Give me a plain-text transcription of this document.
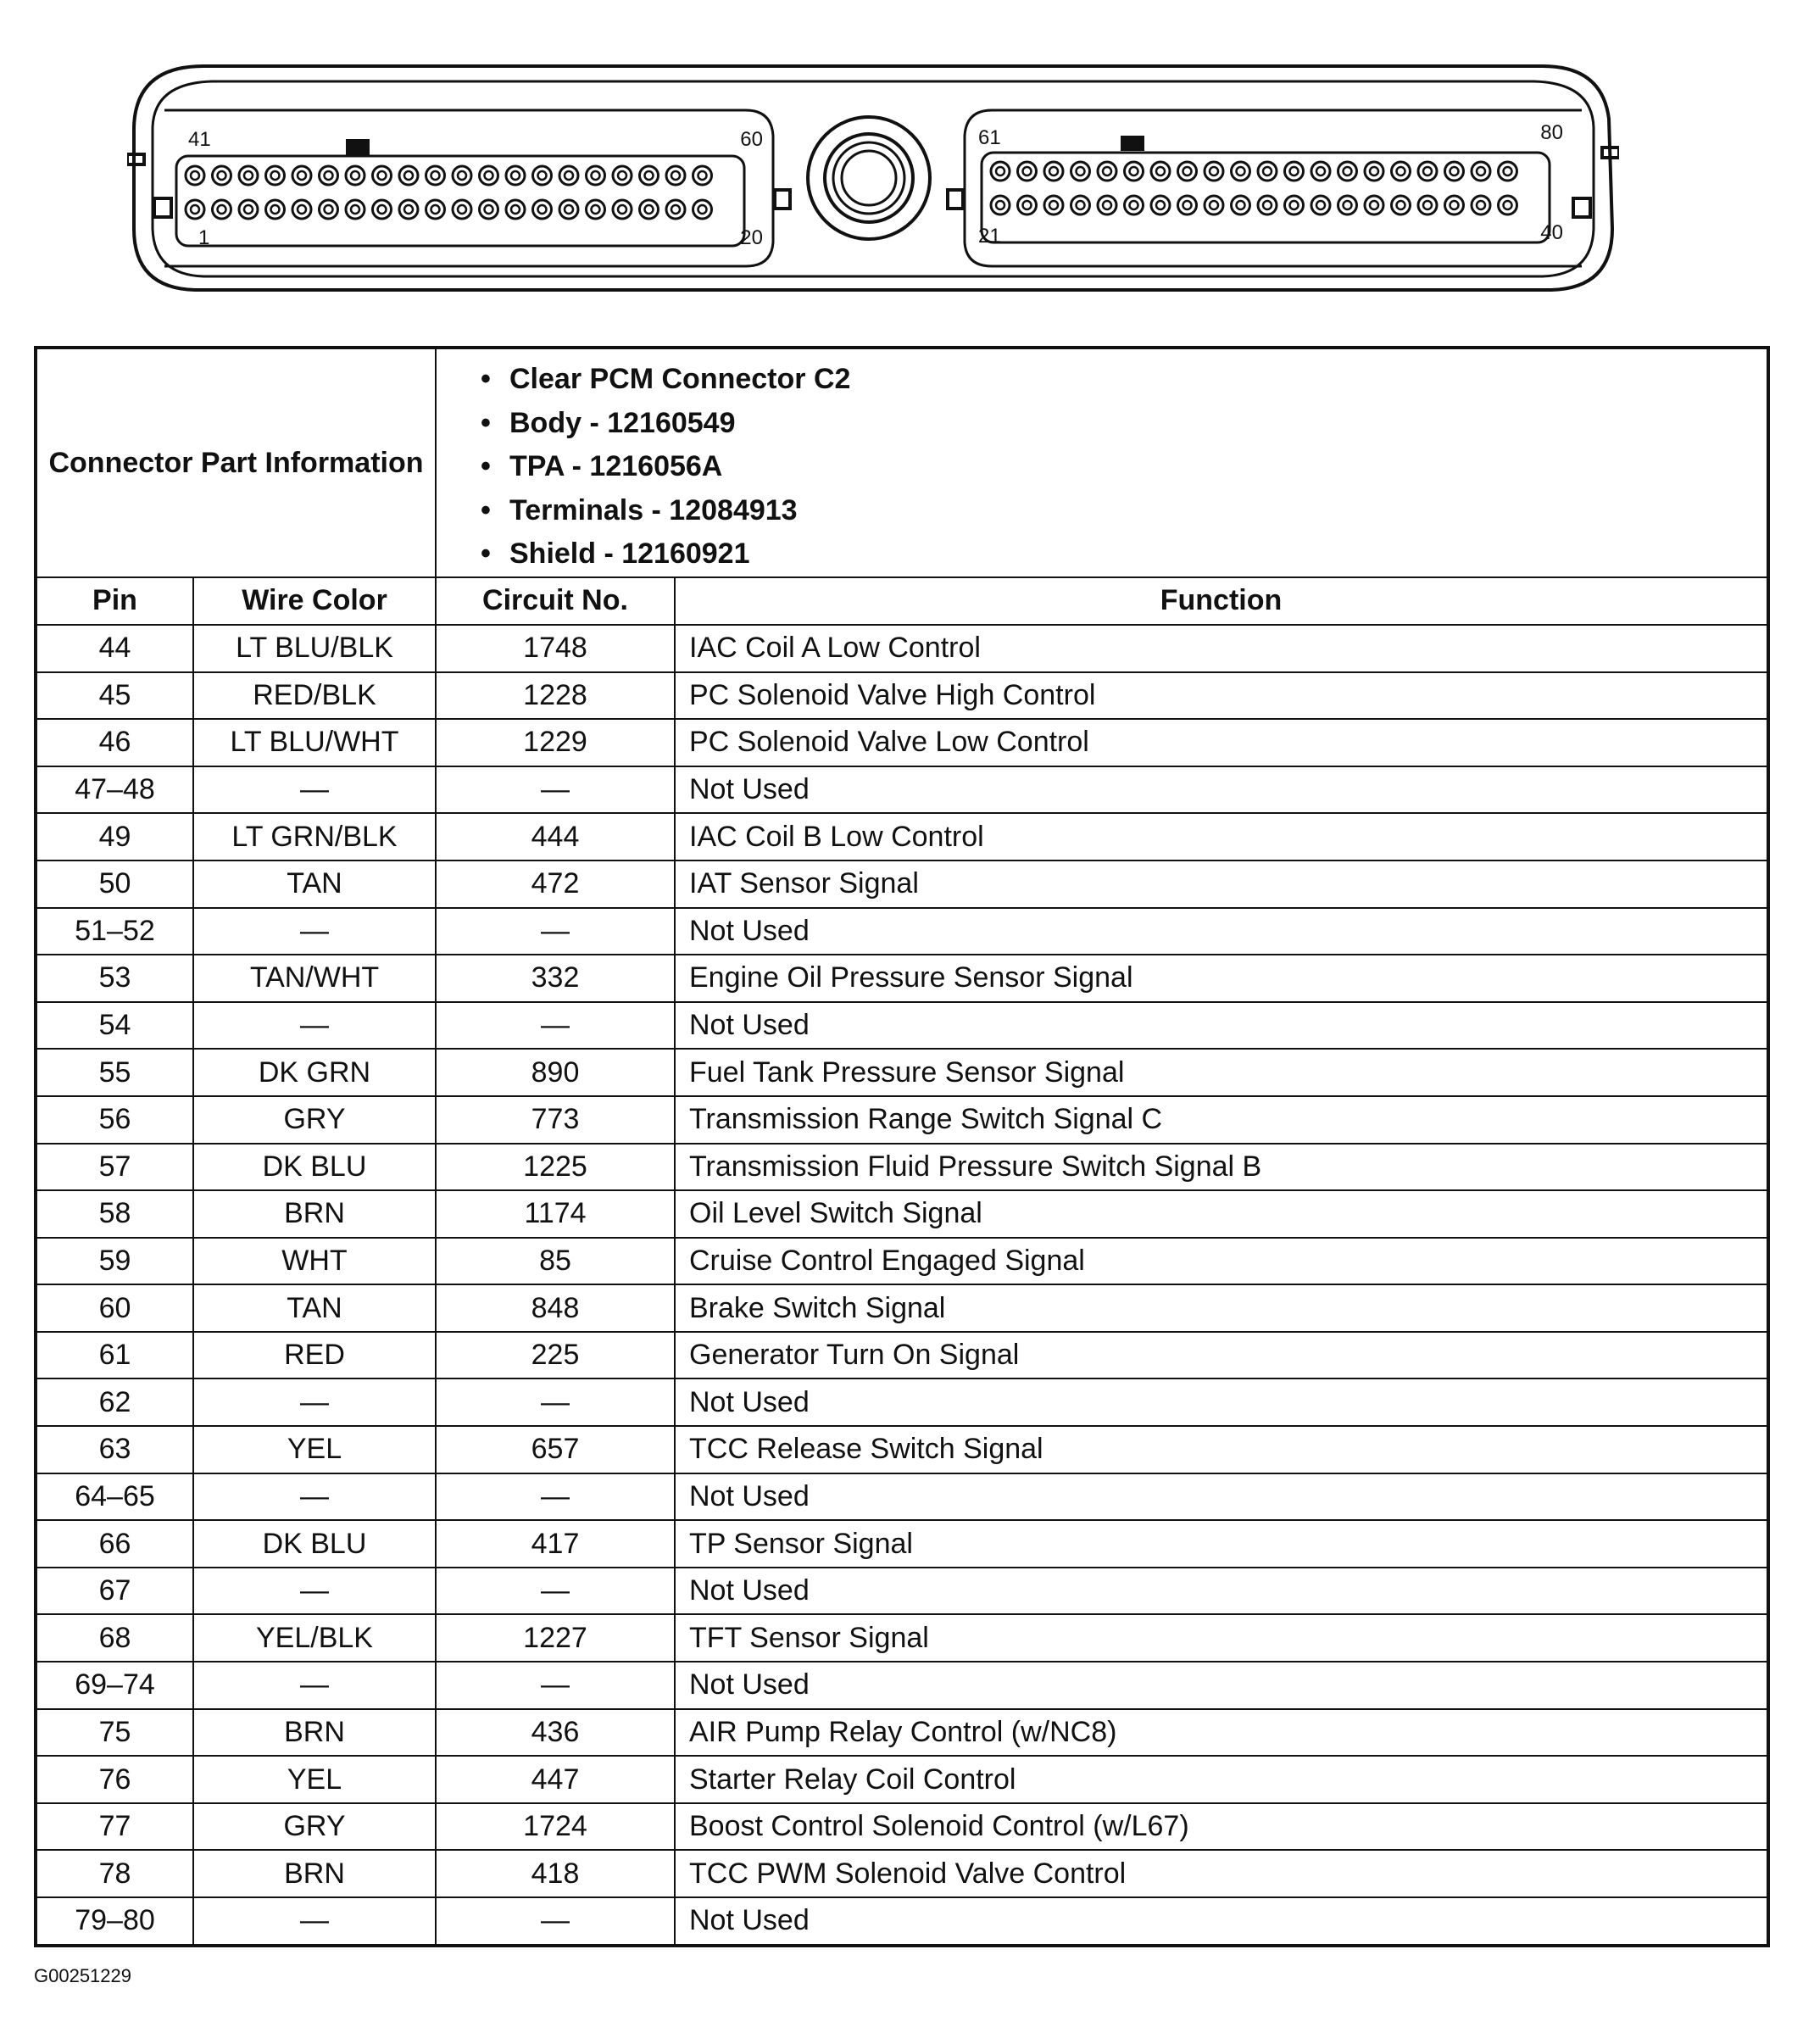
41	60
1	20
61	80
21	40
Connector Part Information		• Clear PCM Connector C2
• Body - 12160549
• TPA - 1216056A
• Terminals - 12084913
• Shield - 12160921	

Pin	Wire Color	Circuit No.	Function
44	LT BLU/BLK	1748	IAC Coil A Low Control
45	RED/BLK	1228	PC Solenoid Valve High Control
46	LT BLU/WHT	1229	PC Solenoid Valve Low Control
47–48	—	—	Not Used
49	LT GRN/BLK	444	IAC Coil B Low Control
50	TAN	472	IAT Sensor Signal
51–52	—	—	Not Used
53	TAN/WHT	332	Engine Oil Pressure Sensor Signal
54	—	—	Not Used
55	DK GRN	890	Fuel Tank Pressure Sensor Signal
56	GRY	773	Transmission Range Switch Signal C
57	DK BLU	1225	Transmission Fluid Pressure Switch Signal B
58	BRN	1174	Oil Level Switch Signal
59	WHT	85	Cruise Control Engaged Signal
60	TAN	848	Brake Switch Signal
61	RED	225	Generator Turn On Signal
62	—	—	Not Used
63	YEL	657	TCC Release Switch Signal
64–65	—	—	Not Used
66	DK BLU	417	TP Sensor Signal
67	—	—	Not Used
68	YEL/BLK	1227	TFT Sensor Signal
69–74	—	—	Not Used
75	BRN	436	AIR Pump Relay Control (w/NC8)
76	YEL	447	Starter Relay Coil Control
77	GRY	1724	Boost Control Solenoid Control (w/L67)
78	BRN	418	TCC PWM Solenoid Valve Control
79–80	—	—	Not Used
G00251229
